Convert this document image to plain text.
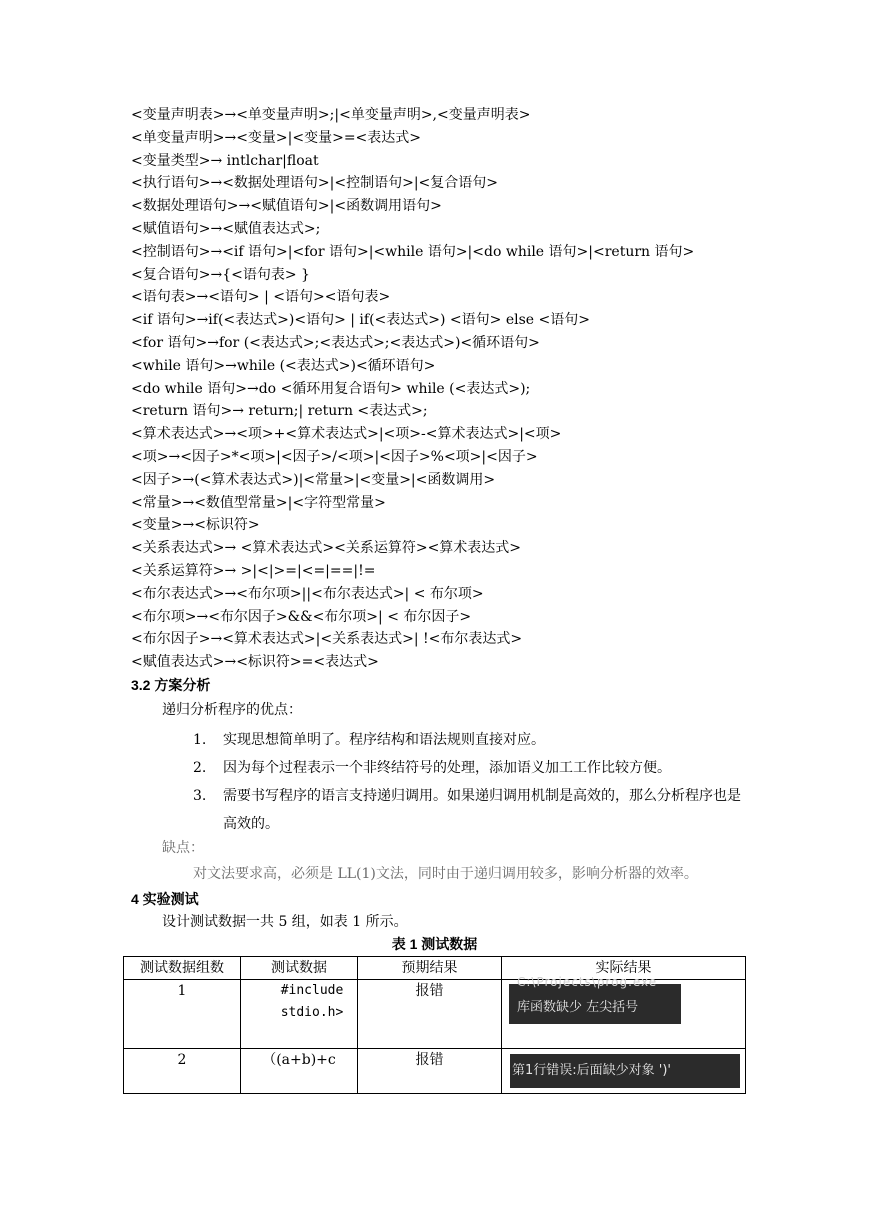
<变量声明表>→<单变量声明>;|<单变量声明>,<变量声明表>
<单变量声明>→<变量>|<变量>=<表达式>
<变量类型>→ intlchar|float
<执行语句>→<数据处理语句>|<控制语句>|<复合语句>
<数据处理语句>→<赋值语句>|<函数调用语句>
<赋值语句>→<赋值表达式>;
<控制语句>→<if 语句>|<for 语句>|<while 语句>|<do while 语句>|<return 语句>
<复合语句>→{<语句表> }
<语句表>→<语句> | <语句><语句表>
<if 语句>→if(<表达式>)<语句> | if(<表达式>) <语句> else <语句>
<for 语句>→for (<表达式>;<表达式>;<表达式>)<循环语句>
<while 语句>→while (<表达式>)<循环语句>
<do while 语句>→do <循环用复合语句> while (<表达式>);
<return 语句>→ return;| return <表达式>;
<算术表达式>→<项>+<算术表达式>|<项>-<算术表达式>|<项>
<项>→<因子>*<项>|<因子>/<项>|<因子>%<项>|<因子>
<因子>→(<算术表达式>)|<常量>|<变量>|<函数调用>
<常量>→<数值型常量>|<字符型常量>
<变量>→<标识符>
<关系表达式>→ <算术表达式><关系运算符><算术表达式>
<关系运算符>→ >|<|>=|<=|==|!=
<布尔表达式>→<布尔项>||<布尔表达式>| < 布尔项>
<布尔项>→<布尔因子>&&<布尔项>| < 布尔因子>
<布尔因子>→<算术表达式>|<关系表达式>| !<布尔表达式>
<赋值表达式>→<标识符>=<表达式>
3.2 方案分析
递归分析程序的优点：
1. 实现思想简单明了。程序结构和语法规则直接对应。
2. 因为每个过程表示一个非终结符号的处理，添加语义加工工作比较方便。
3. 需要书写程序的语言支持递归调用。如果递归调用机制是高效的，那么分析程序也是高效的。
缺点：
对文法要求高，必须是 LL(1)文法，同时由于递归调用较多，影响分析器的效率。
4 实验测试
设计测试数据一共 5 组，如表 1 所示。
表 1 测试数据
测试数据组数	测试数据	预期结果	实际结果
1	#include stdio.h>	报错	C:\Projects\prog.exe
库函数缺少 左尖括号

2	（(a+b)+c	报错	第1行错误:后面缺少对象 ')'
